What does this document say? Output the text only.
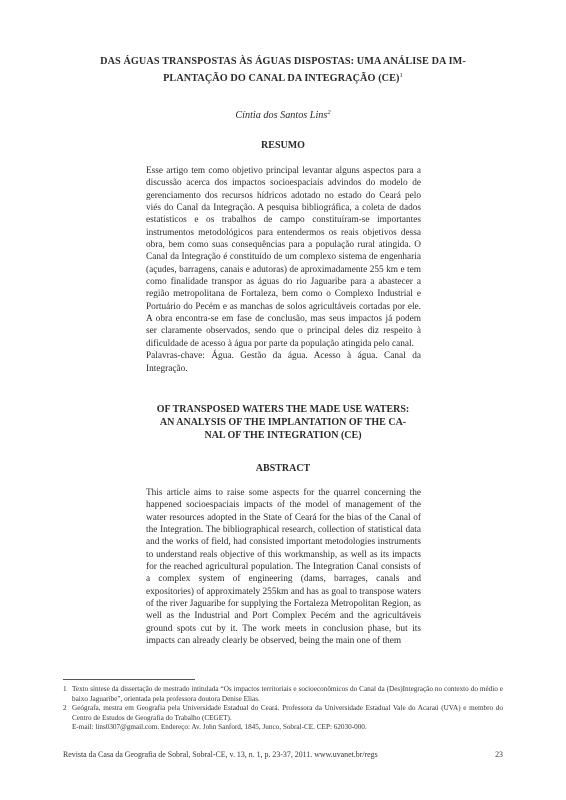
DAS ÁGUAS TRANSPOSTAS ÀS ÁGUAS DISPOSTAS: UMA ANÁLISE DA IM-
PLANTAÇÃO DO CANAL DA INTEGRAÇÃO (CE)$^1$
Cíntia dos Santos Lins$^2$
RESUMO

Esse artigo tem como objetivo principal levantar alguns aspectos para a discussão acerca dos impactos socioespaciais advindos do modelo de gerenciamento dos recursos hídricos adotado no estado do Ceará pelo viés do Canal da Integração. A pesquisa bibliográfica, a coleta de dados estatísticos e os trabalhos de campo constituíram-se importantes instrumentos metodológicos para entendermos os reais objetivos dessa obra, bem como suas consequências para a população rural atingida. O Canal da Integração é constituído de um complexo sistema de engenharia (açudes, barragens, canais e adutoras) de aproximadamente 255 km e tem como finalidade transpor as águas do rio Jaguaribe para a abastecer a região metropolitana de Fortaleza, bem como o Complexo Industrial e Portuário do Pecém e as manchas de solos agricultáveis cortadas por ele. A obra encontra-se em fase de conclusão, mas seus impactos já podem ser claramente observados, sendo que o principal deles diz respeito à dificuldade de acesso à água por parte da população atingida pelo canal.

Palavras-chave: Água. Gestão da água. Acesso à água. Canal da Integração.

OF TRANSPOSED WATERS THE MADE USE WATERS:
AN ANALYSIS OF THE IMPLANTATION OF THE CA-
NAL OF THE INTEGRATION (CE)
ABSTRACT

This article aims to raise some aspects for the quarrel concerning the happened socioespaciais impacts of the model of management of the water resources adopted in the State of Ceará for the bias of the Canal of the Integration. The bibliographical research, collection of statistical data and the works of field, had consisted important metodologies instruments to understand reals objective of this workmanship, as well as its impacts for the reached agricultural population. The Integration Canal consists of a complex system of engineering (dams, barrages, canals and expositories) of approximately 255km and has as goal to transpose waters of the river Jaguaribe for supplying the Fortaleza Metropolitan Region, as well as the Industrial and Port Complex Pecém and the agricultáveis ground spots cut by it. The work meets in conclusion phase, but its impacts can already clearly be observed, being the main one of them

1 Texto síntese da dissertação de mestrado intitulada “Os impactos territoriais e socioeconômicos do Canal da (Des)Integração no contexto do médio e baixo Jaguaribe”, orientada pela professora doutora Denise Elias.

2 Geógrafa, mestra em Geografia pela Universidade Estadual do Ceará. Professora da Universidade Estadual Vale do Acaraú (UVA) e membro do Centro de Estudos de Geografia do Trabalho (CEGET).

E-mail: lins0307@gmail.com. Endereço: Av. John Sanford, 1845, Junco, Sobral-CE. CEP: 62030-000.

Revista da Casa da Geografia de Sobral, Sobral-CE, v. 13, n. 1, p. 23-37, 2011. www.uvanet.br/regs	23
